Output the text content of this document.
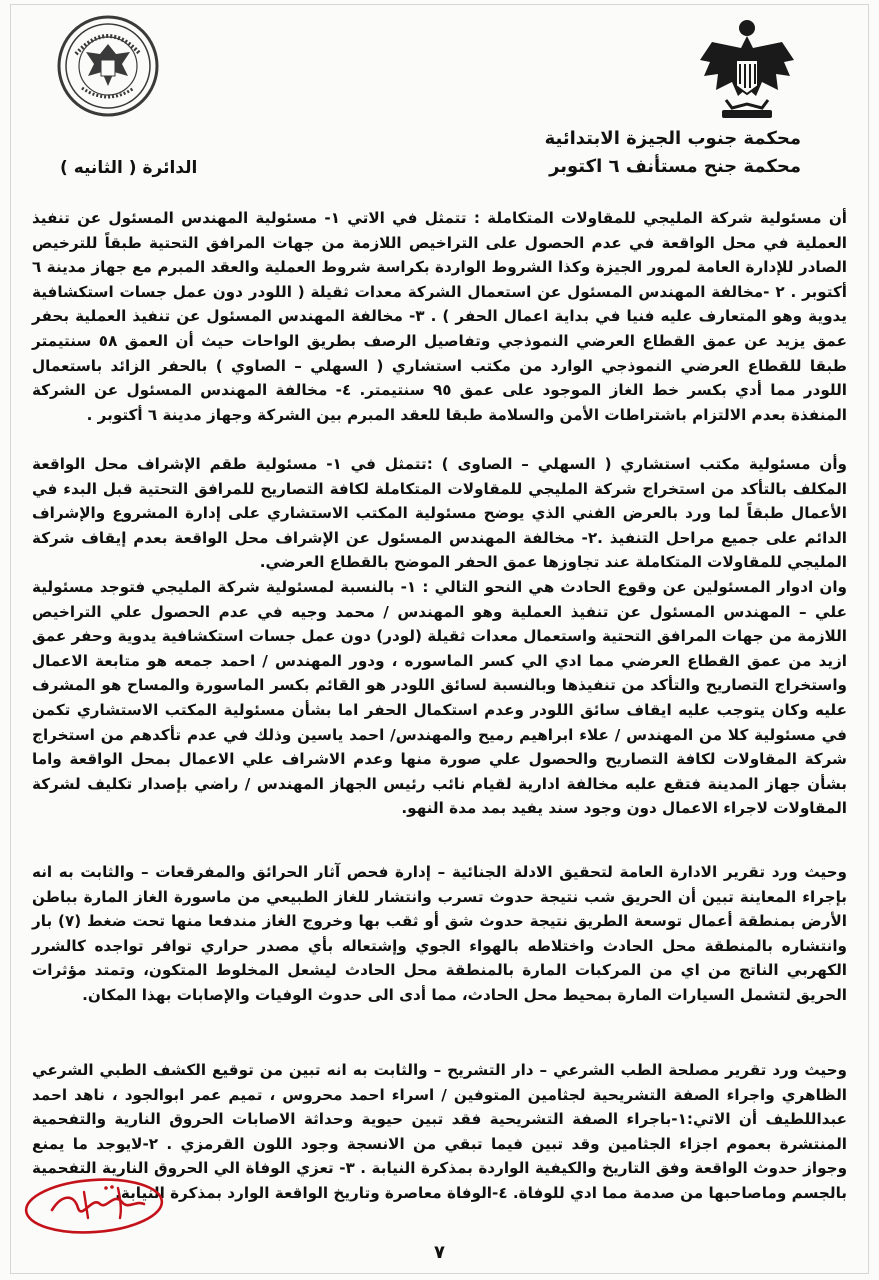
محكمة جنوب الجيزة الابتدائية
محكمة جنح مستأنف ٦ اكتوبر
الدائرة ( الثانيه )
أن مسئولية شركة المليجي للمقاولات المتكاملة : تتمثل في الاتي ١- مسئولية المهندس المسئول عن تنفيذ العملية في محل الواقعة في عدم الحصول على التراخيص اللازمة من جهات المرافق التحتية طبقاً للترخيص الصادر للإدارة العامة لمرور الجيزة وكذا الشروط الواردة بكراسة شروط العملية والعقد المبرم مع جهاز مدينة ٦ أكتوبر . ٢ -مخالفة المهندس المسئول عن استعمال الشركة معدات ثقيلة ( اللودر دون عمل جسات استكشافية يدوية وهو المتعارف عليه فنيا في بداية اعمال الحفر ) . ٣- مخالفة المهندس المسئول عن تنفيذ العملية بحفر عمق يزيد عن عمق القطاع العرضي النموذجي وتفاصيل الرصف بطريق الواحات حيث أن العمق ٥٨ سنتيمتر طبقا للقطاع العرضي النموذجي الوارد من مكتب استشاري ( السهلي – الصاوي ) بالحفر الزائد باستعمال اللودر مما أدي بكسر خط الغاز الموجود على عمق ٩٥ سنتيمتر. ٤- مخالفة المهندس المسئول عن الشركة المنفذة بعدم الالتزام باشتراطات الأمن والسلامة طبقا للعقد المبرم بين الشركة وجهاز مدينة ٦ أكتوبر .
وأن مسئولية مكتب استشاري ( السهلي – الصاوى ) :تتمثل في ١- مسئولية طقم الإشراف محل الواقعة المكلف بالتأكد من استخراج شركة المليجي للمقاولات المتكاملة لكافة التصاريح للمرافق التحتية قبل البدء في الأعمال طبقاً لما ورد بالعرض الفني الذي يوضح مسئولية المكتب الاستشاري على إدارة المشروع والإشراف الدائم على جميع مراحل التنفيذ .٢- مخالفة المهندس المسئول عن الإشراف محل الواقعة بعدم إيقاف شركة المليجي للمقاولات المتكاملة عند تجاوزها عمق الحفر الموضح بالقطاع العرضي.
وان ادوار المسئولين عن وقوع الحادث هي النحو التالي : ١- بالنسبة لمسئولية شركة المليجي فتوجد مسئولية علي – المهندس المسئول عن تنفيذ العملية وهو المهندس / محمد وجيه في عدم الحصول علي التراخيص اللازمة من جهات المرافق التحتية واستعمال معدات ثقيلة (لودر) دون عمل جسات استكشافية يدوية وحفر عمق ازيد من عمق القطاع العرضي مما ادي الي كسر الماسوره ، ودور المهندس / احمد جمعه هو متابعة الاعمال واستخراج التصاريح والتأكد من تنفيذها وبالنسبة لسائق اللودر هو القائم بكسر الماسورة والمساح هو المشرف عليه وكان يتوجب عليه ايقاف سائق اللودر وعدم استكمال الحفر اما بشأن مسئولية المكتب الاستشاري تكمن في مسئولية كلا من المهندس / علاء ابراهيم رميح والمهندس/ احمد ياسين وذلك في عدم تأكدهم من استخراج شركة المقاولات لكافة التصاريح والحصول علي صورة منها وعدم الاشراف علي الاعمال بمحل الواقعة واما بشأن جهاز المدينة فتقع عليه مخالفة ادارية لقيام نائب رئيس الجهاز المهندس / راضي بإصدار تكليف لشركة المقاولات لاجراء الاعمال دون وجود سند يفيد بمد مدة النهو.
وحيث ورد تقرير الادارة العامة لتحقيق الادلة الجنائية – إدارة فحص آثار الحرائق والمفرقعات – والثابت به انه بإجراء المعاينة تبين أن الحريق شب نتيجة حدوث تسرب وانتشار للغاز الطبيعي من ماسورة الغاز المارة بباطن الأرض بمنطقة أعمال توسعة الطريق نتيجة حدوث شق أو ثقب بها وخروج الغاز مندفعا منها تحت ضغط (٧) بار وانتشاره بالمنطقة محل الحادث واختلاطه بالهواء الجوي وإشتعاله بأي مصدر حراري توافر تواجده كالشرر الكهربي الناتج من اي من المركبات المارة بالمنطقة محل الحادث ليشعل المخلوط المتكون، وتمتد مؤثرات الحريق لتشمل السيارات المارة بمحيط محل الحادث، مما أدى الى حدوث الوفيات والإصابات بهذا المكان.
وحيث ورد تقرير مصلحة الطب الشرعي – دار التشريح – والثابت به انه تبين من توقيع الكشف الطبي الشرعي الظاهري واجراء الصفة التشريحية لجثامين المتوفين / اسراء احمد محروس ، تميم عمر ابوالجود ، ناهد احمد عبداللطيف أن الاتي:١-باجراء الصفة التشريحية فقد تبين حيوية وحداثة الاصابات الحروق النارية والتفحمية المنتشرة بعموم اجزاء الجثامين وقد تبين فيما تبقي من الانسجة وجود اللون القرمزي . ٢-لايوجد ما يمنع وجواز حدوث الواقعة وفق التاريخ والكيفية الواردة بمذكرة النيابة . ٣- تعزي الوفاة الي الحروق النارية التفحمية بالجسم وماصاحبها من صدمة مما ادي للوفاة. ٤-الوفاة معاصرة وتاريخ الواقعة الوارد بمذكرة النيابة.
٧
